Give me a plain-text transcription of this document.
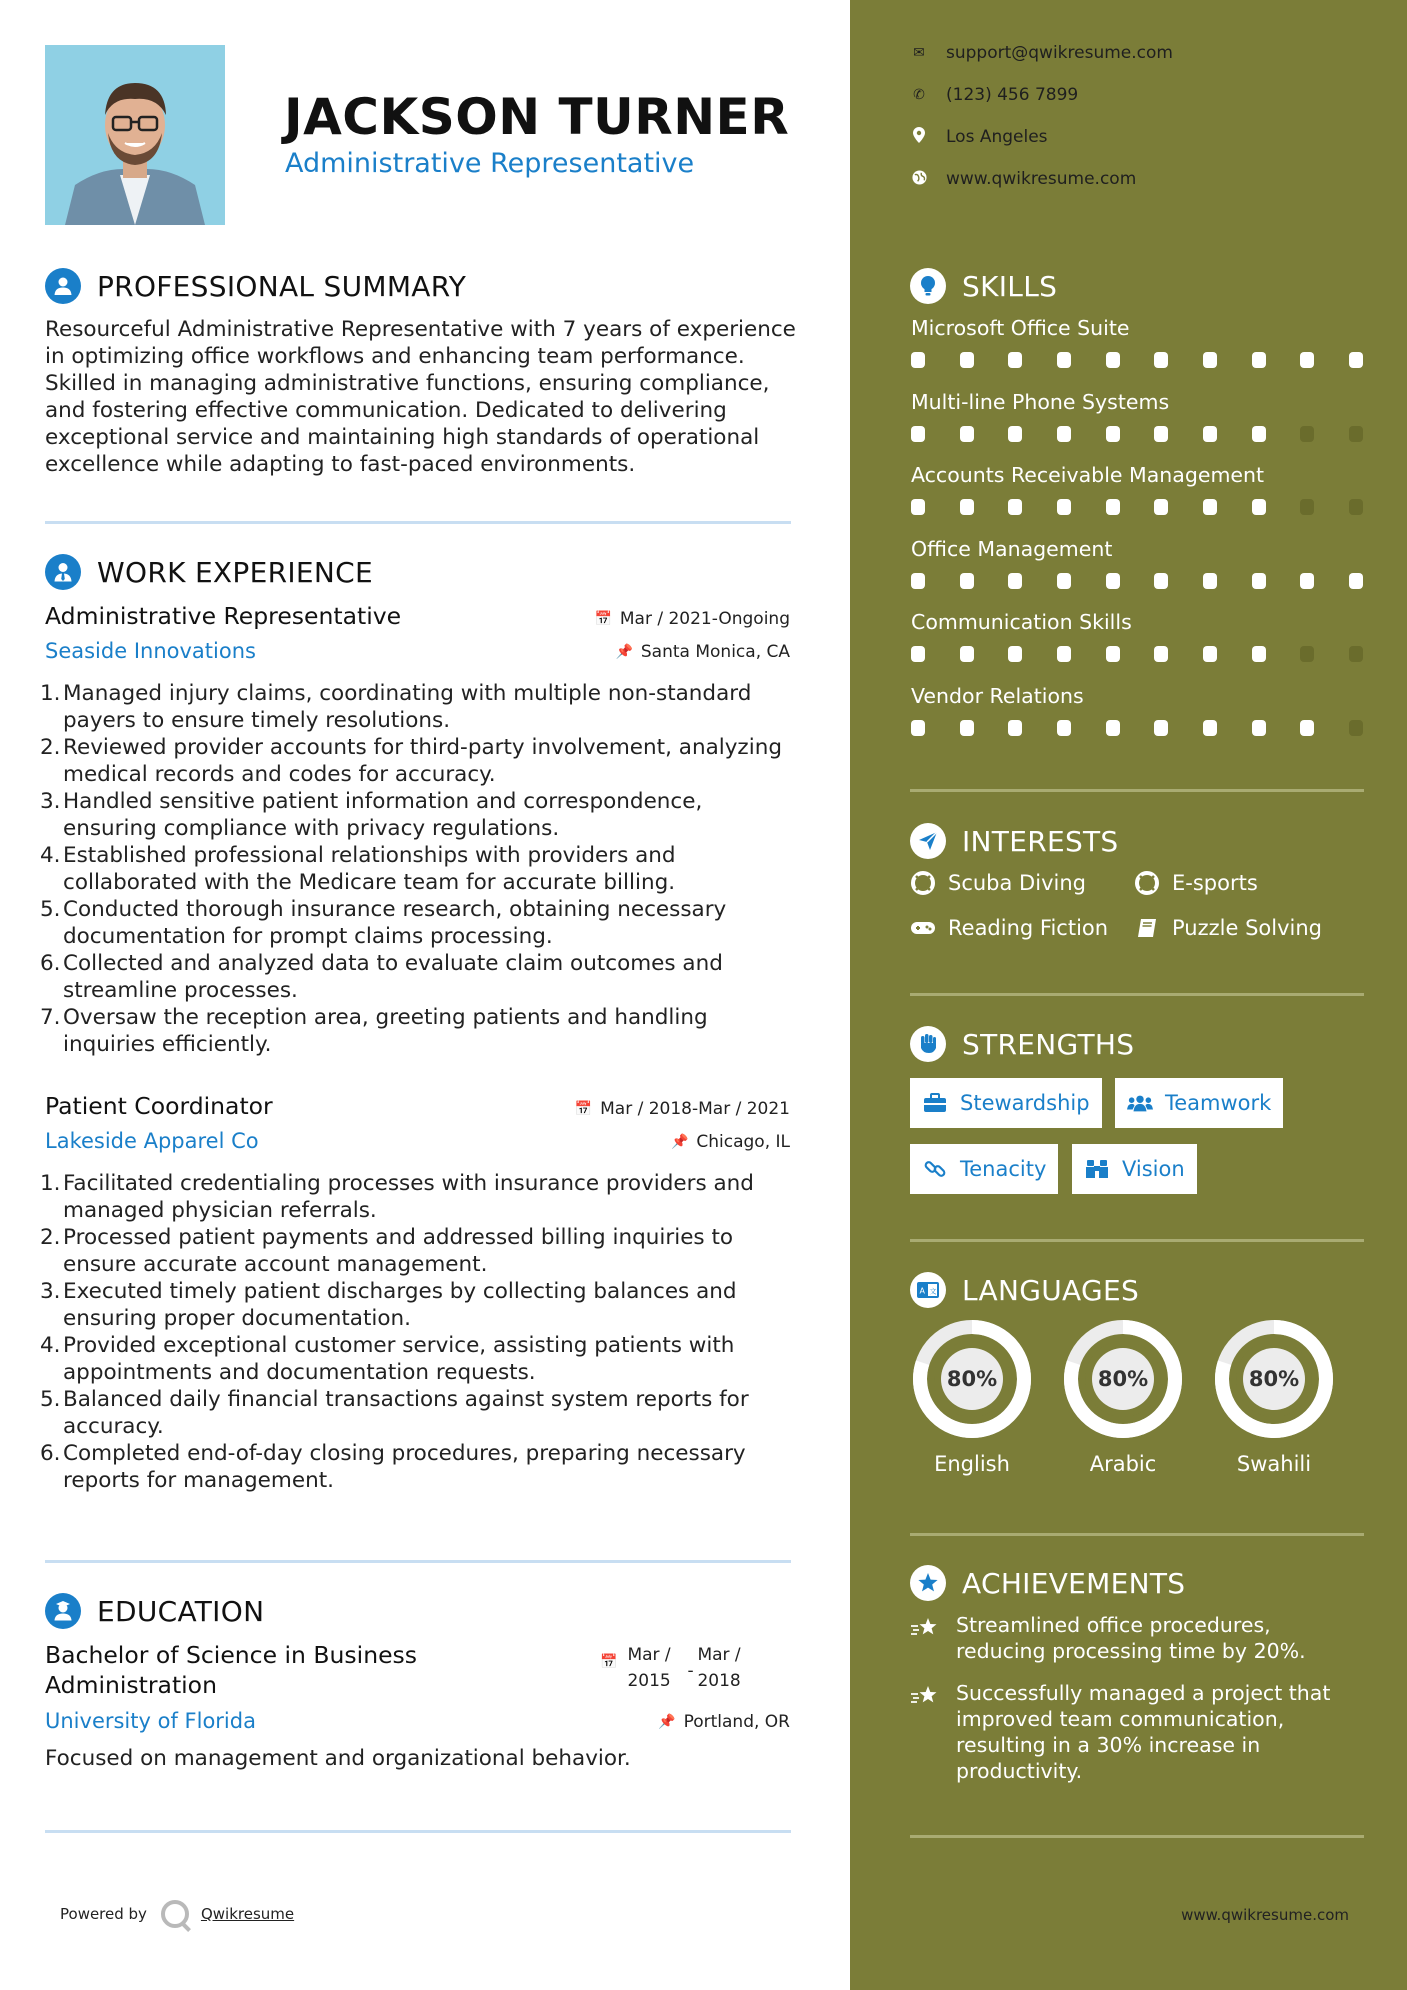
JACKSON TURNER
Administrative Representative
PROFESSIONAL SUMMARY
Resourceful Administrative Representative with 7 years of experience in optimizing office workflows and enhancing team performance. Skilled in managing administrative functions, ensuring compliance, and fostering effective communication. Dedicated to delivering exceptional service and maintaining high standards of operational excellence while adapting to fast-paced environments.
WORK EXPERIENCE
Administrative Representative
Seaside Innovations
📅 Mar / 2021-Ongoing
📌 Santa Monica, CA
1. Managed injury claims, coordinating with multiple non-standard payers to ensure timely resolutions.
2. Reviewed provider accounts for third-party involvement, analyzing medical records and codes for accuracy.
3. Handled sensitive patient information and correspondence, ensuring compliance with privacy regulations.
4. Established professional relationships with providers and collaborated with the Medicare team for accurate billing.
5. Conducted thorough insurance research, obtaining necessary documentation for prompt claims processing.
6. Collected and analyzed data to evaluate claim outcomes and streamline processes.
7. Oversaw the reception area, greeting patients and handling inquiries efficiently.
Patient Coordinator
Lakeside Apparel Co
📅 Mar / 2018-Mar / 2021
📌 Chicago, IL
1. Facilitated credentialing processes with insurance providers and managed physician referrals.
2. Processed patient payments and addressed billing inquiries to ensure accurate account management.
3. Executed timely patient discharges by collecting balances and ensuring proper documentation.
4. Provided exceptional customer service, assisting patients with appointments and documentation requests.
5. Balanced daily financial transactions against system reports for accuracy.
6. Completed end-of-day closing procedures, preparing necessary reports for management.
EDUCATION
Bachelor of Science in Business
Administration
University of Florida
📅 Mar /
2015 -
Mar /
2018
📌 Portland, OR
Focused on management and organizational behavior.
Powered by	Qwikresume
✉ support@qwikresume.com
✆ (123) 456 7899
Los Angeles
www.qwikresume.com
SKILLS
Microsoft Office Suite
Multi-line Phone Systems
Accounts Receivable Management
Office Management
Communication Skills
Vendor Relations
INTERESTS
Scuba Diving	E-sports
Reading Fiction	Puzzle Solving
STRENGTHS
Stewardship	Teamwork
Tenacity	Vision
A 文 LANGUAGES
80%
English
80%
Arabic
80%
Swahili
ACHIEVEMENTS
Streamlined office procedures,
reducing processing time by 20%.
Successfully managed a project that
improved team communication,
resulting in a 30% increase in
productivity.
www.qwikresume.com
